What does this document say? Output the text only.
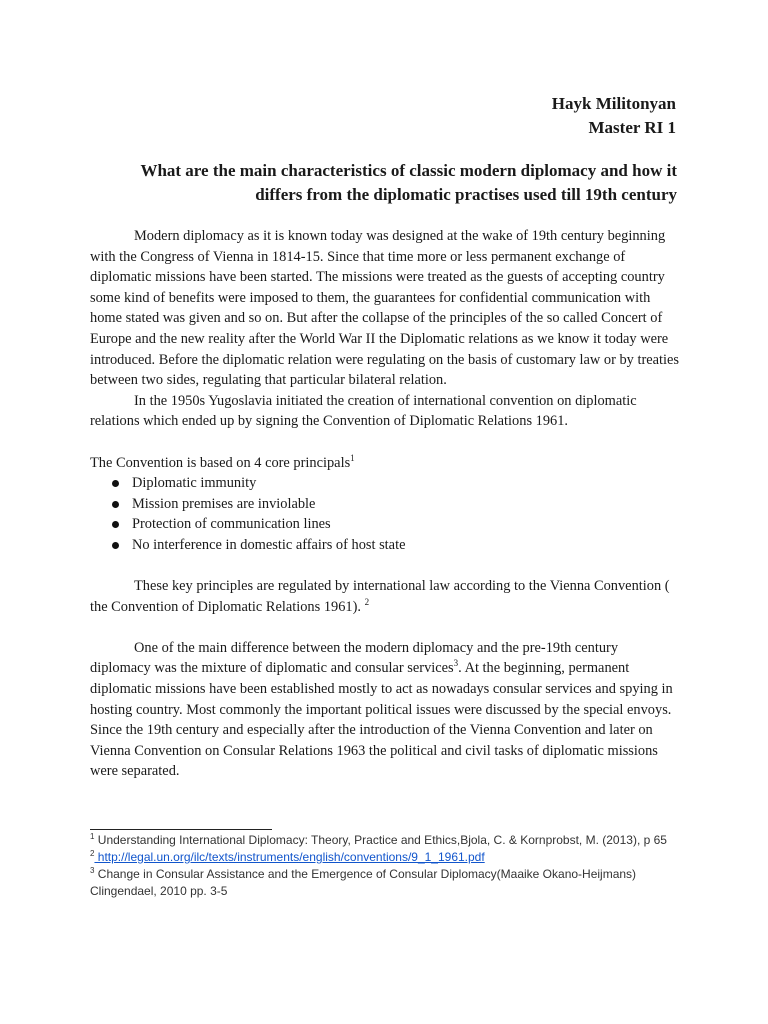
Hayk Militonyan
Master RI 1
What are the main characteristics of classic modern diplomacy and how it
differs from the diplomatic practises used till 19th century

Modern diplomacy as it is known today was designed at the wake of 19th century beginning with the Congress of Vienna in 1814-15. Since that time more or less permanent exchange of diplomatic missions have been started. The missions were treated as the guests of accepting country some kind of benefits were imposed to them, the guarantees for confidential communication with home stated was given and so on. But after the collapse of the principles of the so called Concert of Europe and the new reality after the World War II the Diplomatic relations as we know it today were introduced. Before the diplomatic relation were regulating on the basis of customary law or by treaties between two sides, regulating that particular bilateral relation.

In the 1950s Yugoslavia initiated the creation of international convention on diplomatic relations which ended up by signing the Convention of Diplomatic Relations 1961.

The Convention is based on 4 core principals$^1$

Diplomatic immunity
Mission premises are inviolable
Protection of communication lines
No interference in domestic affairs of host state

These key principles are regulated by international law according to the Vienna Convention ( the Convention of Diplomatic Relations 1961). $^2$

One of the main difference between the modern diplomacy and the pre-19th century diplomacy was the mixture of diplomatic and consular services$^3$. At the beginning, permanent diplomatic missions have been established mostly to act as nowadays consular services and spying in hosting country. Most commonly the important political issues were discussed by the special envoys. Since the 19th century and especially after the introduction of the Vienna Convention and later on Vienna Convention on Consular Relations 1963 the political and civil tasks of diplomatic missions were separated.

$^1$ Understanding International Diplomacy: Theory, Practice and Ethics,Bjola, C. & Kornprobst, M. (2013), p 65

$^2$ http://legal.un.org/ilc/texts/instruments/english/conventions/9_1_1961.pdf

$^3$ Change in Consular Assistance and the Emergence of Consular Diplomacy(Maaike Okano-Heijmans) Clingendael, 2010 pp. 3-5
